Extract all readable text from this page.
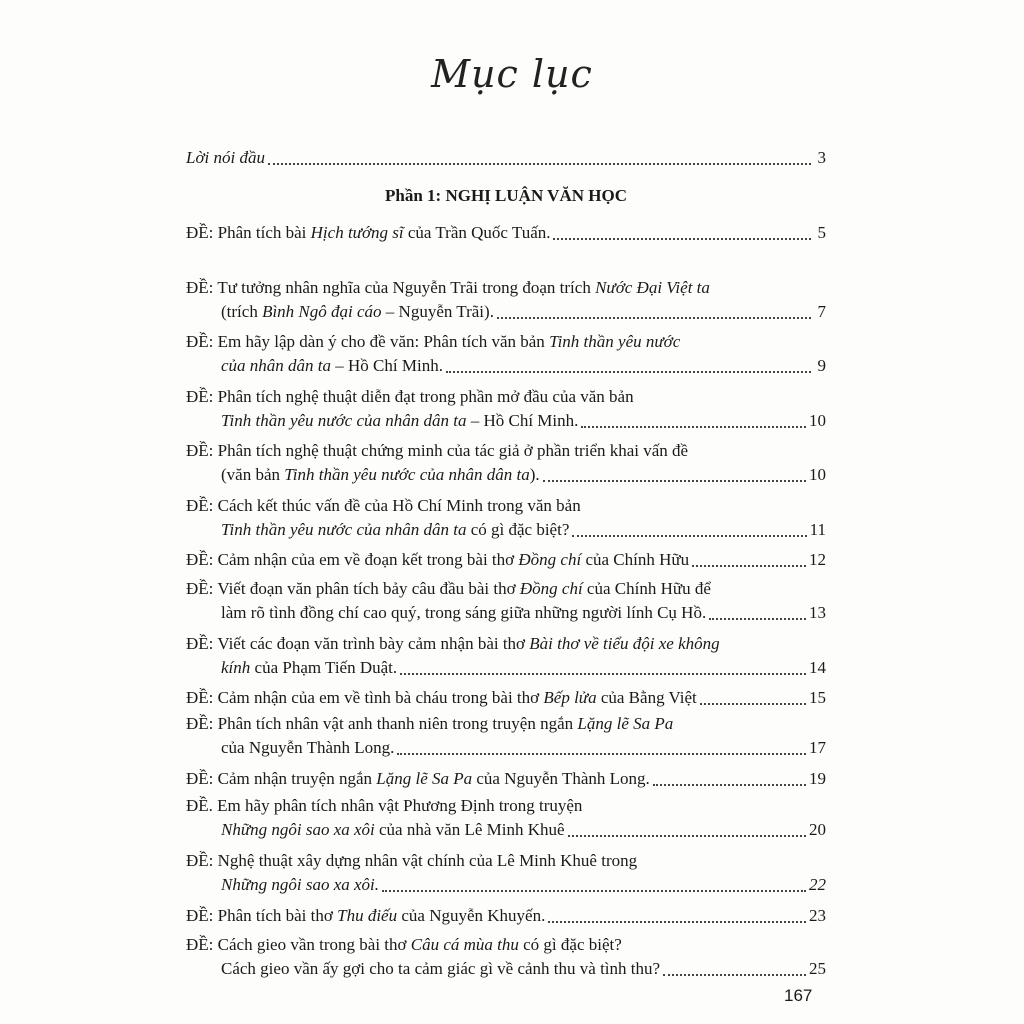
Mục lục
Lời nói đầu	3
Phần 1: NGHỊ LUẬN VĂN HỌC
ĐỀ: Phân tích bài Hịch tướng sĩ của Trần Quốc Tuấn.	5
ĐỀ: Tư tưởng nhân nghĩa của Nguyễn Trãi trong đoạn trích Nước Đại Việt ta
(trích Bình Ngô đại cáo – Nguyễn Trãi).	7
ĐỀ: Em hãy lập dàn ý cho đề văn: Phân tích văn bản Tinh thần yêu nước
của nhân dân ta – Hồ Chí Minh.	9
ĐỀ: Phân tích nghệ thuật diễn đạt trong phần mở đầu của văn bản
Tinh thần yêu nước của nhân dân ta – Hồ Chí Minh.	10
ĐỀ: Phân tích nghệ thuật chứng minh của tác giả ở phần triển khai vấn đề
(văn bản Tinh thần yêu nước của nhân dân ta).	10
ĐỀ: Cách kết thúc vấn đề của Hồ Chí Minh trong văn bản
Tinh thần yêu nước của nhân dân ta có gì đặc biệt?	11
ĐỀ: Cảm nhận của em về đoạn kết trong bài thơ Đồng chí của Chính Hữu	12
ĐỀ: Viết đoạn văn phân tích bảy câu đầu bài thơ Đồng chí của Chính Hữu để
làm rõ tình đồng chí cao quý, trong sáng giữa những người lính Cụ Hồ.	13
ĐỀ: Viết các đoạn văn trình bày cảm nhận bài thơ Bài thơ về tiểu đội xe không
kính của Phạm Tiến Duật.	14
ĐỀ: Cảm nhận của em về tình bà cháu trong bài thơ Bếp lửa của Bằng Việt	15
ĐỀ: Phân tích nhân vật anh thanh niên trong truyện ngắn Lặng lẽ Sa Pa
của Nguyễn Thành Long.	17
ĐỀ: Cảm nhận truyện ngắn Lặng lẽ Sa Pa của Nguyễn Thành Long.	19
ĐỀ. Em hãy phân tích nhân vật Phương Định trong truyện
Những ngôi sao xa xôi của nhà văn Lê Minh Khuê	20
ĐỀ: Nghệ thuật xây dựng nhân vật chính của Lê Minh Khuê trong
Những ngôi sao xa xôi.	22
ĐỀ: Phân tích bài thơ Thu điếu của Nguyễn Khuyến.	23
ĐỀ: Cách gieo vần trong bài thơ Câu cá mùa thu có gì đặc biệt?
Cách gieo vần ấy gợi cho ta cảm giác gì về cảnh thu và tình thu?	25
167
